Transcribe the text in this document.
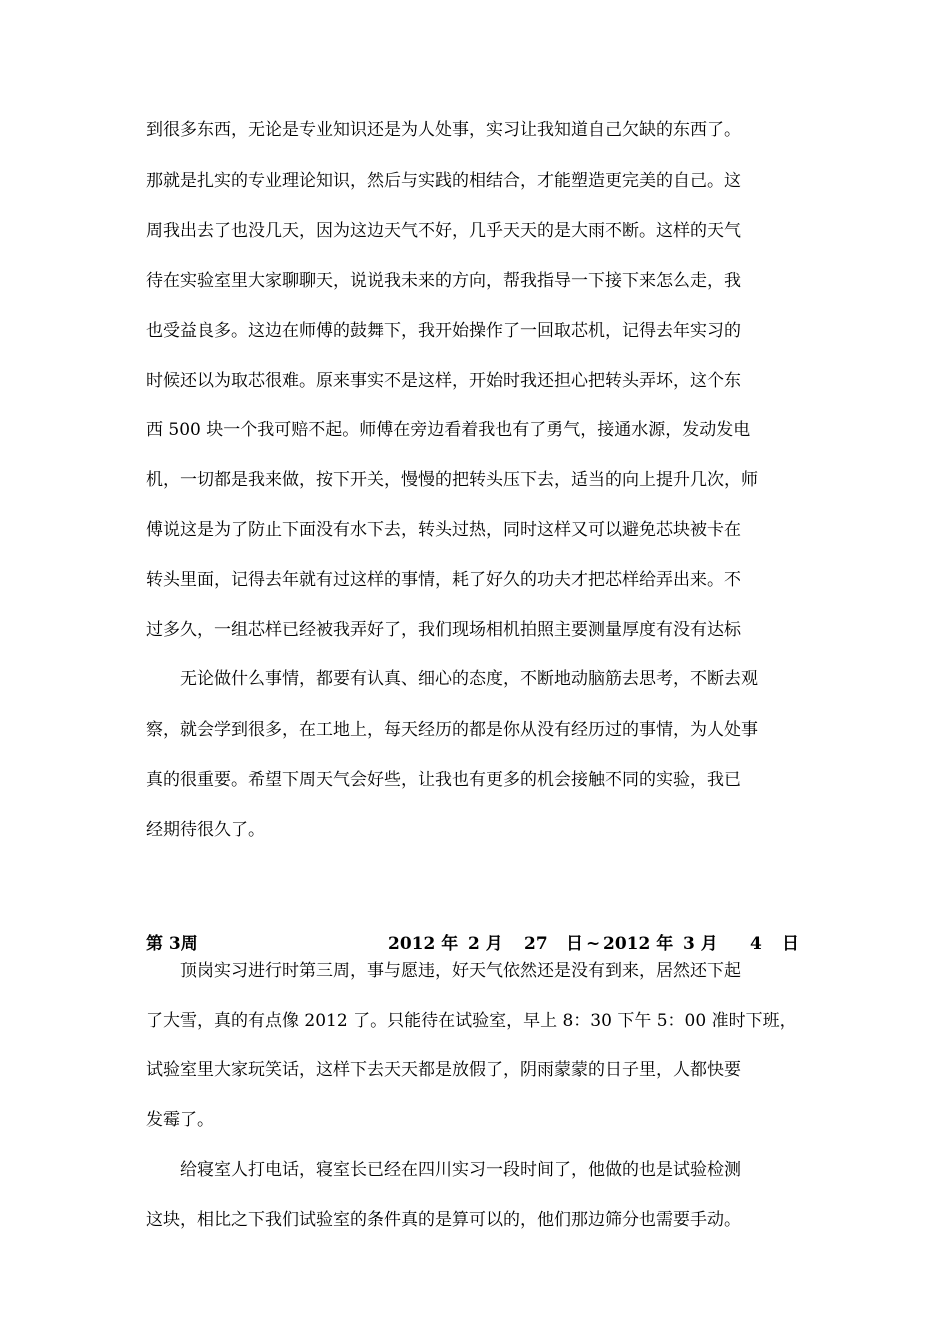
到很多东西，无论是专业知识还是为人处事，实习让我知道自己欠缺的东西了。
那就是扎实的专业理论知识，然后与实践的相结合，才能塑造更完美的自己。这
周我出去了也没几天，因为这边天气不好，几乎天天的是大雨不断。这样的天气
待在实验室里大家聊聊天，说说我未来的方向，帮我指导一下接下来怎么走，我
也受益良多。这边在师傅的鼓舞下，我开始操作了一回取芯机，记得去年实习的
时候还以为取芯很难。原来事实不是这样，开始时我还担心把转头弄坏，这个东
西 500 块一个我可赔不起。师傅在旁边看着我也有了勇气，接通水源，发动发电
机，一切都是我来做，按下开关，慢慢的把转头压下去，适当的向上提升几次，师
傅说这是为了防止下面没有水下去，转头过热，同时这样又可以避免芯块被卡在
转头里面，记得去年就有过这样的事情，耗了好久的功夫才把芯样给弄出来。不
过多久，一组芯样已经被我弄好了，我们现场相机拍照主要测量厚度有没有达标
无论做什么事情，都要有认真、细心的态度，不断地动脑筋去思考，不断去观
察，就会学到很多，在工地上，每天经历的都是你从没有经历过的事情，为人处事
真的很重要。希望下周天气会好些，让我也有更多的机会接触不同的实验，我已
经期待很久了。
第 3周	2012 年 2 月 27 日 ~ 2012 年 3 月 4 日
顶岗实习进行时第三周，事与愿违，好天气依然还是没有到来，居然还下起
了大雪，真的有点像 2012 了。只能待在试验室，早上 8：30 下午 5：00 准时下班，
试验室里大家玩笑话，这样下去天天都是放假了，阴雨蒙蒙的日子里，人都快要
发霉了。
给寝室人打电话，寝室长已经在四川实习一段时间了，他做的也是试验检测
这块，相比之下我们试验室的条件真的是算可以的，他们那边筛分也需要手动。
